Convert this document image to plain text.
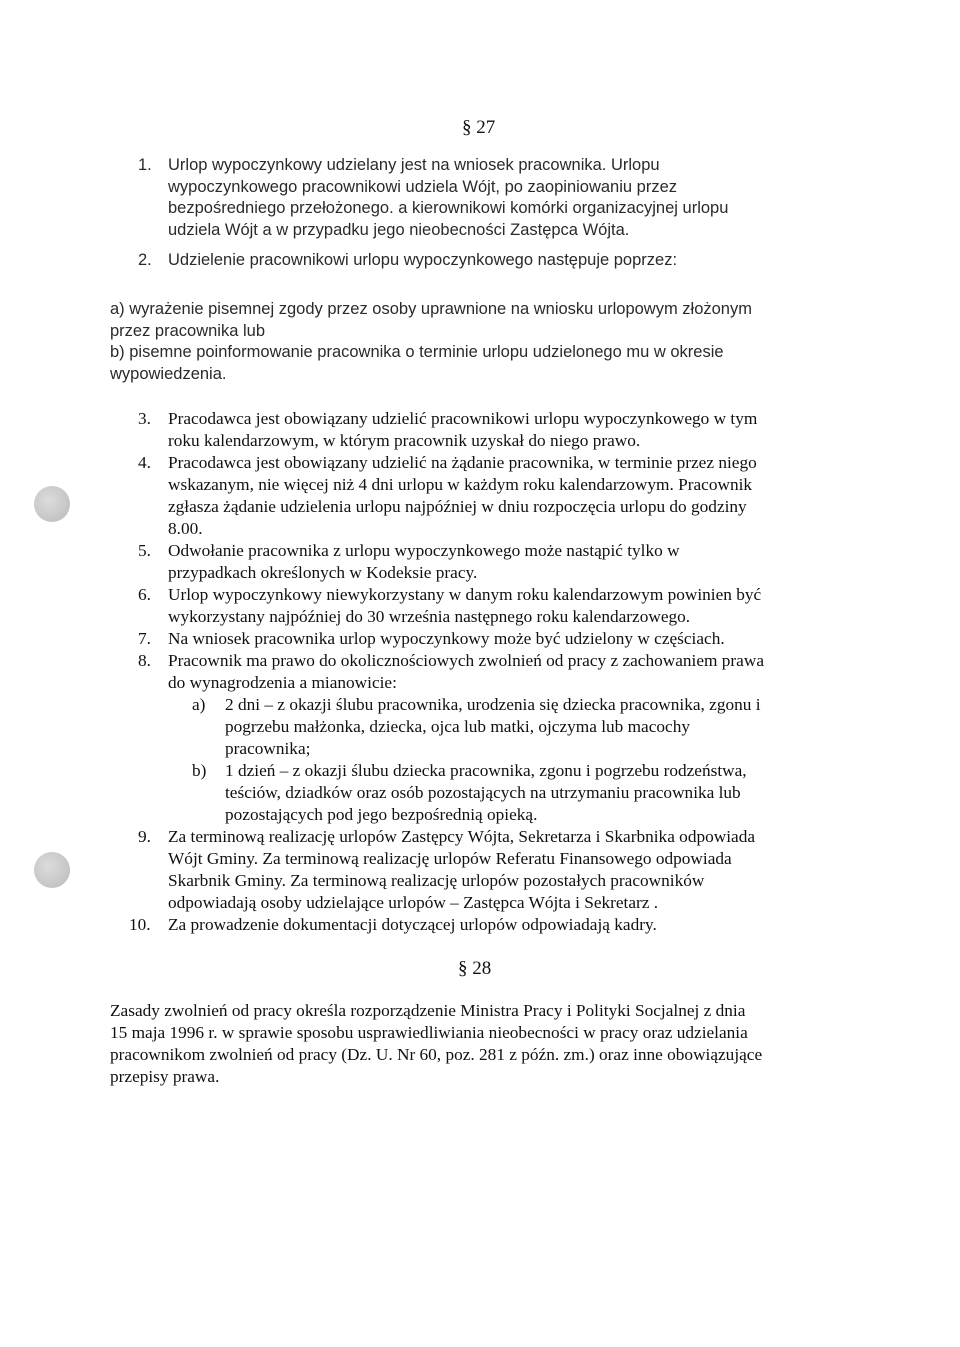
§ 27
1. Urlop wypoczynkowy udzielany jest na wniosek pracownika. Urlopu
wypoczynkowego pracownikowi udziela Wójt, po zaopiniowaniu przez
bezpośredniego przełożonego. a kierownikowi komórki organizacyjnej urlopu
udziela Wójt a w przypadku jego nieobecności Zastępca Wójta.
2. Udzielenie pracownikowi urlopu wypoczynkowego następuje poprzez:
a) wyrażenie pisemnej zgody przez osoby uprawnione na wniosku urlopowym złożonym
przez pracownika lub
b) pisemne poinformowanie pracownika o terminie urlopu udzielonego mu w okresie
wypowiedzenia.
3. Pracodawca jest obowiązany udzielić pracownikowi urlopu wypoczynkowego w tym
roku kalendarzowym, w którym pracownik uzyskał do niego prawo.
4. Pracodawca jest obowiązany udzielić na żądanie pracownika, w terminie przez niego
wskazanym, nie więcej niż 4 dni urlopu w każdym roku kalendarzowym. Pracownik
zgłasza żądanie udzielenia urlopu najpóźniej w dniu rozpoczęcia urlopu do godziny
8.00.
5. Odwołanie pracownika z urlopu wypoczynkowego może nastąpić tylko w
przypadkach określonych w Kodeksie pracy.
6. Urlop wypoczynkowy niewykorzystany w danym roku kalendarzowym powinien być
wykorzystany najpóźniej do 30 września następnego roku kalendarzowego.
7. Na wniosek pracownika urlop wypoczynkowy może być udzielony w częściach.
8. Pracownik ma prawo do okolicznościowych zwolnień od pracy z zachowaniem prawa
do wynagrodzenia a mianowicie:
a) 2 dni – z okazji ślubu pracownika, urodzenia się dziecka pracownika, zgonu i
pogrzebu małżonka, dziecka, ojca lub matki, ojczyma lub macochy
pracownika;
b) 1 dzień – z okazji ślubu dziecka pracownika, zgonu i pogrzebu rodzeństwa,
teściów, dziadków oraz osób pozostających na utrzymaniu pracownika lub
pozostających pod jego bezpośrednią opieką.
9. Za terminową realizację urlopów Zastępcy Wójta, Sekretarza i Skarbnika odpowiada
Wójt Gminy. Za terminową realizację urlopów Referatu Finansowego odpowiada
Skarbnik Gminy. Za terminową realizację urlopów pozostałych pracowników
odpowiadają osoby udzielające urlopów – Zastępca Wójta i Sekretarz .
10. Za prowadzenie dokumentacji dotyczącej urlopów odpowiadają kadry.
§ 28
Zasady zwolnień od pracy określa rozporządzenie Ministra Pracy i Polityki Socjalnej z dnia
15 maja 1996 r. w sprawie sposobu usprawiedliwiania nieobecności w pracy oraz udzielania
pracownikom zwolnień od pracy (Dz. U. Nr 60, poz. 281 z późn. zm.) oraz inne obowiązujące
przepisy prawa.
